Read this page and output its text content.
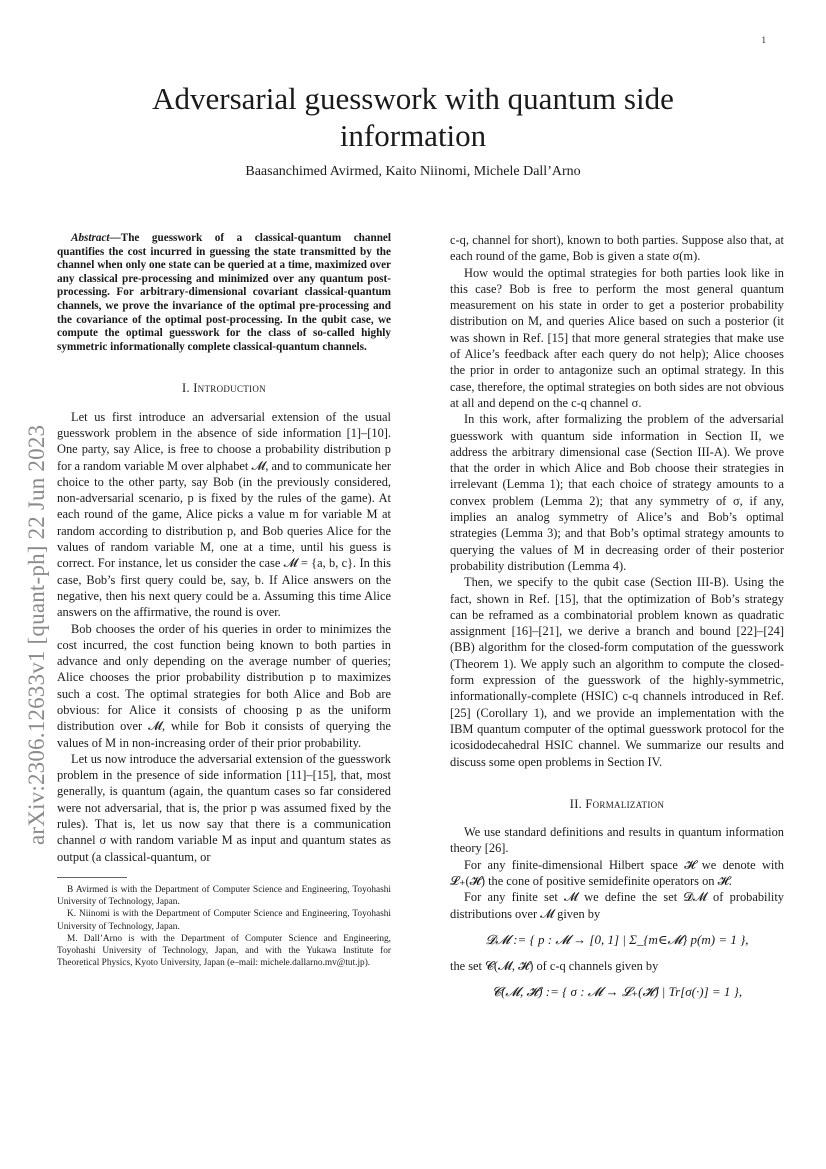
1
arXiv:2306.12633v1 [quant-ph] 22 Jun 2023
Adversarial guesswork with quantum side information
Baasanchimed Avirmed, Kaito Niinomi, Michele Dall’Arno

Abstract—The guesswork of a classical-quantum channel quantifies the cost incurred in guessing the state transmitted by the channel when only one state can be queried at a time, maximized over any classical pre-processing and minimized over any quantum post-processing. For arbitrary-dimensional covariant classical-quantum channels, we prove the invariance of the optimal pre-processing and the covariance of the optimal post-processing. In the qubit case, we compute the optimal guesswork for the class of so-called highly symmetric informationally complete classical-quantum channels.

I. Introduction

Let us first introduce an adversarial extension of the usual guesswork problem in the absence of side information [1]–[10]. One party, say Alice, is free to choose a probability distribution p for a random variable M over alphabet 𝓜, and to communicate her choice to the other party, say Bob (in the previously considered, non-adversarial scenario, p is fixed by the rules of the game). At each round of the game, Alice picks a value m for variable M at random according to distribution p, and Bob queries Alice for the values of random variable M, one at a time, until his guess is correct. For instance, let us consider the case 𝓜 = {a, b, c}. In this case, Bob’s first query could be, say, b. If Alice answers on the negative, then his next query could be a. Assuming this time Alice answers on the affirmative, the round is over.

Bob chooses the order of his queries in order to minimizes the cost incurred, the cost function being known to both parties in advance and only depending on the average number of queries; Alice chooses the prior probability distribution p to maximizes such a cost. The optimal strategies for both Alice and Bob are obvious: for Alice it consists of choosing p as the uniform distribution over 𝓜, while for Bob it consists of querying the values of M in non-increasing order of their prior probability.

Let us now introduce the adversarial extension of the guesswork problem in the presence of side information [11]–[15], that, most generally, is quantum (again, the quantum cases so far considered were not adversarial, that is, the prior p was assumed fixed by the rules). That is, let us now say that there is a communication channel σ with random variable M as input and quantum states as output (a classical-quantum, or

B Avirmed is with the Department of Computer Science and Engineering, Toyohashi University of Technology, Japan.

K. Niinomi is with the Department of Computer Science and Engineering, Toyohashi University of Technology, Japan.

M. Dall’Arno is with the Department of Computer Science and Engineering, Toyohashi University of Technology, Japan, and with the Yukawa Institute for Theoretical Physics, Kyoto University, Japan (e–mail: michele.dallarno.mv@tut.jp).

c-q, channel for short), known to both parties. Suppose also that, at each round of the game, Bob is given a state σ(m).

How would the optimal strategies for both parties look like in this case? Bob is free to perform the most general quantum measurement on his state in order to get a posterior probability distribution on M, and queries Alice based on such a posterior (it was shown in Ref. [15] that more general strategies that make use of Alice’s feedback after each query do not help); Alice chooses the prior in order to antagonize such an optimal strategy. In this case, therefore, the optimal strategies on both sides are not obvious at all and depend on the c-q channel σ.

In this work, after formalizing the problem of the adversarial guesswork with quantum side information in Section II, we address the arbitrary dimensional case (Section III-A). We prove that the order in which Alice and Bob choose their strategies in irrelevant (Lemma 1); that each choice of strategy amounts to a convex problem (Lemma 2); that any symmetry of σ, if any, implies an analog symmetry of Alice’s and Bob’s optimal strategies (Lemma 3); and that Bob’s optimal strategy amounts to querying the values of M in decreasing order of their posterior probability distribution (Lemma 4).

Then, we specify to the qubit case (Section III-B). Using the fact, shown in Ref. [15], that the optimization of Bob’s strategy can be reframed as a combinatorial problem known as quadratic assignment [16]–[21], we derive a branch and bound [22]–[24] (BB) algorithm for the closed-form computation of the guesswork (Theorem 1). We apply such an algorithm to compute the closed-form expression of the guesswork of the highly-symmetric, informationally-complete (HSIC) c-q channels introduced in Ref. [25] (Corollary 1), and we provide an implementation with the IBM quantum computer of the optimal guesswork protocol for the icosidodecahedral HSIC channel. We summarize our results and discuss some open problems in Section IV.

II. Formalization

We use standard definitions and results in quantum information theory [26].

For any finite-dimensional Hilbert space 𝓗 we denote with 𝓛₊(𝓗) the cone of positive semidefinite operators on 𝓗.

For any finite set 𝓜 we define the set 𝓓𝓜 of probability distributions over 𝓜 given by

𝓓𝓜 := { p : 𝓜 → [0, 1] | Σ_{m∈𝓜} p(m) = 1 },

the set 𝓒(𝓜, 𝓗) of c-q channels given by

𝓒(𝓜, 𝓗) := { σ : 𝓜 → 𝓛₊(𝓗) | Tr[σ(·)] = 1 },
